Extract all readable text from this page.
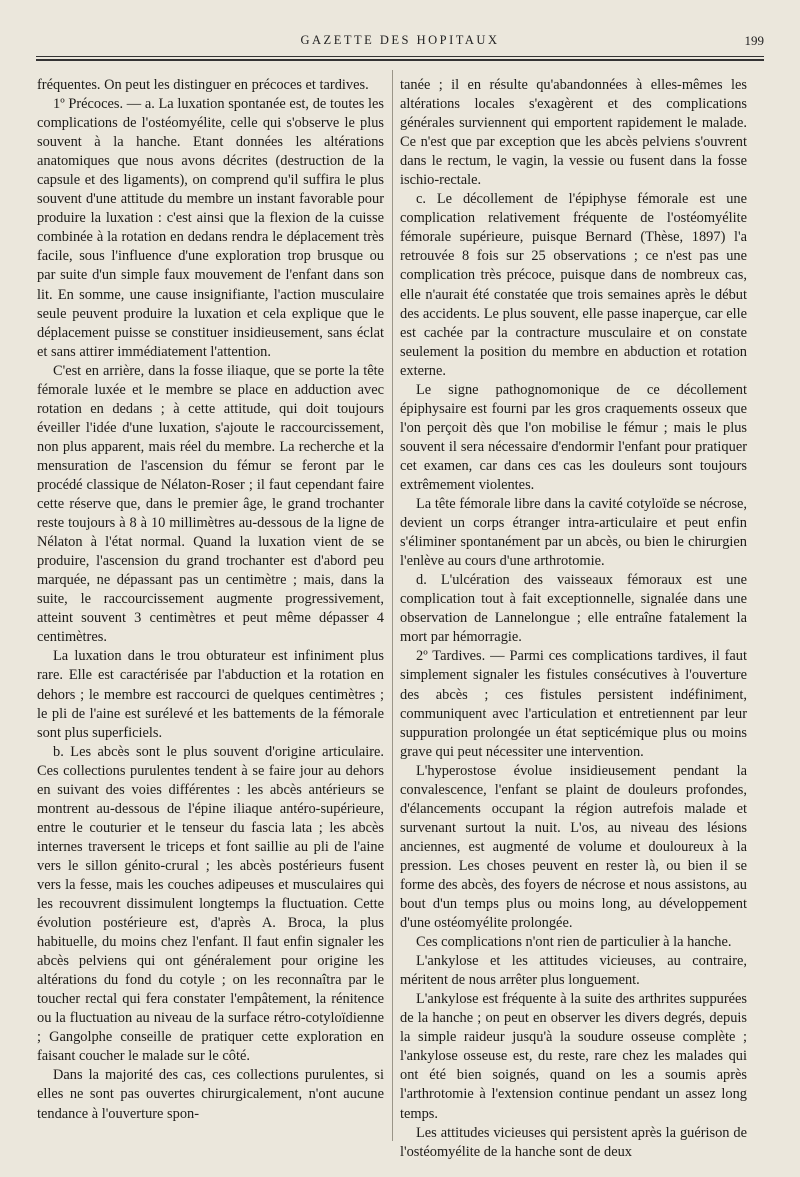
GAZETTE DES HOPITAUX	199

fréquentes. On peut les distinguer en précoces et tardives.

1º Précoces. — a. La luxation spontanée est, de toutes les complications de l'ostéomyélite, celle qui s'observe le plus souvent à la hanche. Etant données les altérations anatomiques que nous avons décrites (destruction de la capsule et des ligaments), on comprend qu'il suffira le plus souvent d'une attitude du membre un instant favorable pour produire la luxation : c'est ainsi que la flexion de la cuisse combinée à la rotation en dedans rendra le déplacement très facile, sous l'influence d'une exploration trop brusque ou par suite d'un simple faux mouvement de l'enfant dans son lit. En somme, une cause insignifiante, l'action musculaire seule peuvent produire la luxation et cela explique que le déplacement puisse se constituer insidieusement, sans éclat et sans attirer immédiatement l'attention.

C'est en arrière, dans la fosse iliaque, que se porte la tête fémorale luxée et le membre se place en adduction avec rotation en dedans ; à cette attitude, qui doit toujours éveiller l'idée d'une luxation, s'ajoute le raccourcissement, non plus apparent, mais réel du membre. La recherche et la mensuration de l'ascension du fémur se feront par le procédé classique de Nélaton-Roser ; il faut cependant faire cette réserve que, dans le premier âge, le grand trochanter reste toujours à 8 à 10 millimètres au-dessous de la ligne de Nélaton à l'état normal. Quand la luxation vient de se produire, l'ascension du grand trochanter est d'abord peu marquée, ne dépassant pas un centimètre ; mais, dans la suite, le raccourcissement augmente progressivement, atteint souvent 3 centimètres et peut même dépasser 4 centimètres.

La luxation dans le trou obturateur est infiniment plus rare. Elle est caractérisée par l'abduction et la rotation en dehors ; le membre est raccourci de quelques centimètres ; le pli de l'aine est surélevé et les battements de la fémorale sont plus superficiels.

b. Les abcès sont le plus souvent d'origine articulaire. Ces collections purulentes tendent à se faire jour au dehors en suivant des voies différentes : les abcès antérieurs se montrent au-dessous de l'épine iliaque antéro-supérieure, entre le couturier et le tenseur du fascia lata ; les abcès internes traversent le triceps et font saillie au pli de l'aine vers le sillon génito-crural ; les abcès postérieurs fusent vers la fesse, mais les couches adipeuses et musculaires qui les recouvrent dissimulent longtemps la fluctuation. Cette évolution postérieure est, d'après A. Broca, la plus habituelle, du moins chez l'enfant. Il faut enfin signaler les abcès pelviens qui ont généralement pour origine les altérations du fond du cotyle ; on les reconnaîtra par le toucher rectal qui fera constater l'empâtement, la rénitence ou la fluctuation au niveau de la surface rétro-cotyloïdienne ; Gangolphe conseille de pratiquer cette exploration en faisant coucher le malade sur le côté.

Dans la majorité des cas, ces collections purulentes, si elles ne sont pas ouvertes chirurgicalement, n'ont aucune tendance à l'ouverture spon-

tanée ; il en résulte qu'abandonnées à elles-mêmes les altérations locales s'exagèrent et des complications générales surviennent qui emportent rapidement le malade. Ce n'est que par exception que les abcès pelviens s'ouvrent dans le rectum, le vagin, la vessie ou fusent dans la fosse ischio-rectale.

c. Le décollement de l'épiphyse fémorale est une complication relativement fréquente de l'ostéomyélite fémorale supérieure, puisque Bernard (Thèse, 1897) l'a retrouvée 8 fois sur 25 observations ; ce n'est pas une complication très précoce, puisque dans de nombreux cas, elle n'aurait été constatée que trois semaines après le début des accidents. Le plus souvent, elle passe inaperçue, car elle est cachée par la contracture musculaire et on constate seulement la position du membre en abduction et rotation externe.

Le signe pathognomonique de ce décollement épiphysaire est fourni par les gros craquements osseux que l'on perçoit dès que l'on mobilise le fémur ; mais le plus souvent il sera nécessaire d'endormir l'enfant pour pratiquer cet examen, car dans ces cas les douleurs sont toujours extrêmement violentes.

La tête fémorale libre dans la cavité cotyloïde se nécrose, devient un corps étranger intra-articulaire et peut enfin s'éliminer spontanément par un abcès, ou bien le chirurgien l'enlève au cours d'une arthrotomie.

d. L'ulcération des vaisseaux fémoraux est une complication tout à fait exceptionnelle, signalée dans une observation de Lannelongue ; elle entraîne fatalement la mort par hémorragie.

2º Tardives. — Parmi ces complications tardives, il faut simplement signaler les fistules consécutives à l'ouverture des abcès ; ces fistules persistent indéfiniment, communiquent avec l'articulation et entretiennent par leur suppuration prolongée un état septicémique plus ou moins grave qui peut nécessiter une intervention.

L'hyperostose évolue insidieusement pendant la convalescence, l'enfant se plaint de douleurs profondes, d'élancements occupant la région autrefois malade et survenant surtout la nuit. L'os, au niveau des lésions anciennes, est augmenté de volume et douloureux à la pression. Les choses peuvent en rester là, ou bien il se forme des abcès, des foyers de nécrose et nous assistons, au bout d'un temps plus ou moins long, au développement d'une ostéomyélite prolongée.

Ces complications n'ont rien de particulier à la hanche.

L'ankylose et les attitudes vicieuses, au contraire, méritent de nous arrêter plus longuement.

L'ankylose est fréquente à la suite des arthrites suppurées de la hanche ; on peut en observer les divers degrés, depuis la simple raideur jusqu'à la soudure osseuse complète ; l'ankylose osseuse est, du reste, rare chez les malades qui ont été bien soignés, quand on les a soumis après l'arthrotomie à l'extension continue pendant un assez long temps.

Les attitudes vicieuses qui persistent après la guérison de l'ostéomyélite de la hanche sont de deux
